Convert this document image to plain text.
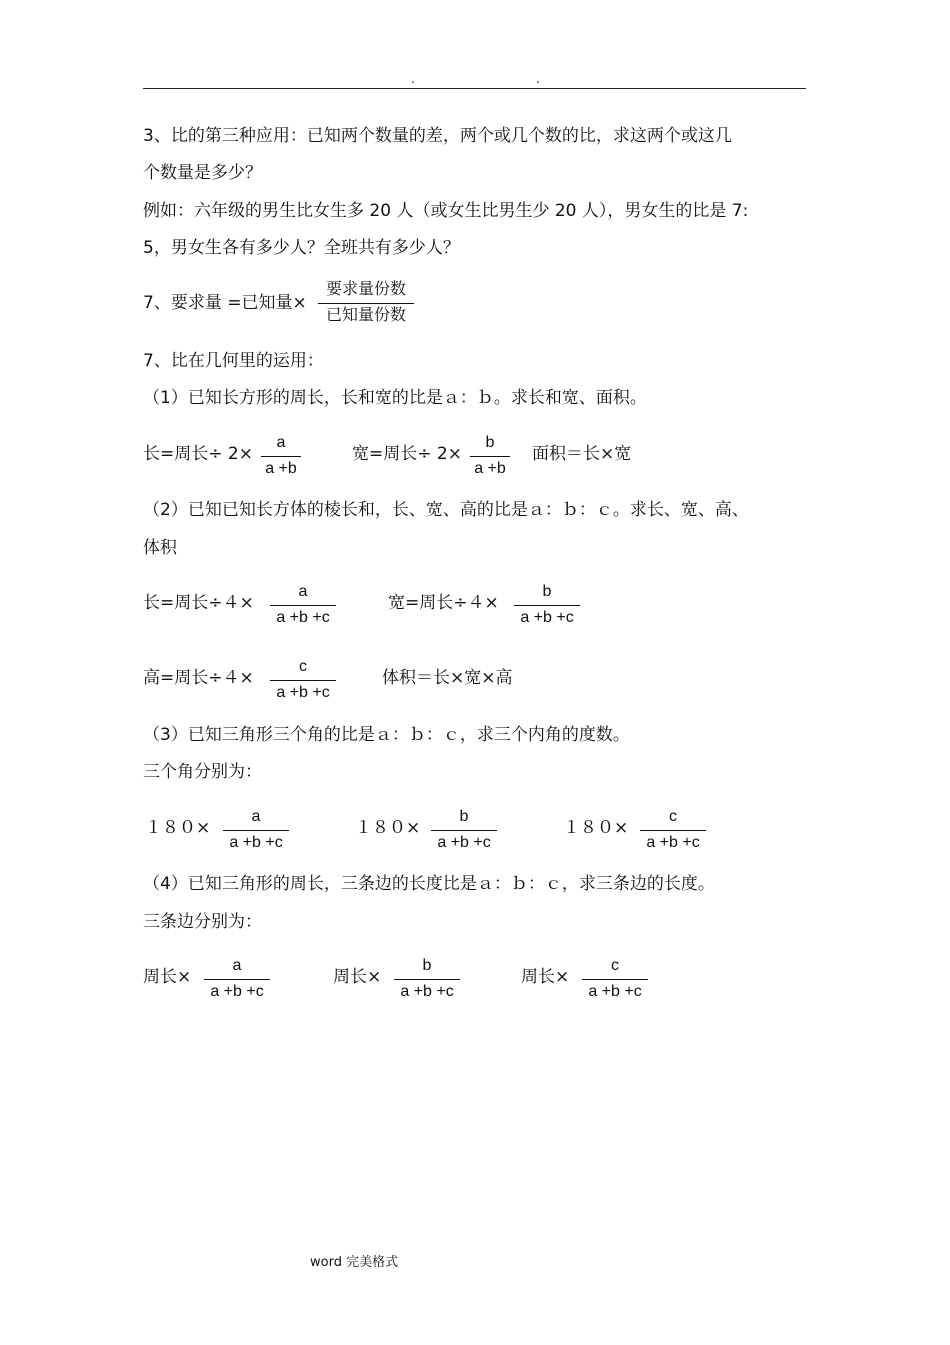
.	.
3、比的第三种应用：已知两个数量的差，两个或几个数的比，求这两个或这几
个数量是多少？
例如：六年级的男生比女生多 20 人（或女生比男生少 20 人），男女生的比是 7:
5，男女生各有多少人？全班共有多少人？
7、要求量 =已知量×
要求量份数
已知量份数
7、比在几何里的运用：
（1）已知长方形的周长，长和宽的比是ａ：ｂ。求长和宽、面积。
长=周长÷ 2×
a
a +b
宽=周长÷ 2×
b
a +b
面积＝长×宽
（2）已知已知长方体的棱长和，长、宽、高的比是ａ：ｂ：ｃ。求长、宽、高、
体积
长=周长÷４×
a
a +b +c
宽=周长÷４×
b
a +b +c
高=周长÷４×
c
a +b +c
体积＝长×宽×高
（3）已知三角形三个角的比是ａ：ｂ：ｃ，求三个内角的度数。
三个角分别为：
１８０×
a
a +b +c
１８０×
b
a +b +c
１８０×
c
a +b +c
（4）已知三角形的周长，三条边的长度比是ａ：ｂ：ｃ，求三条边的长度。
三条边分别为：
周长×
a
a +b +c
周长×
b
a +b +c
周长×
c
a +b +c
word 完美格式
